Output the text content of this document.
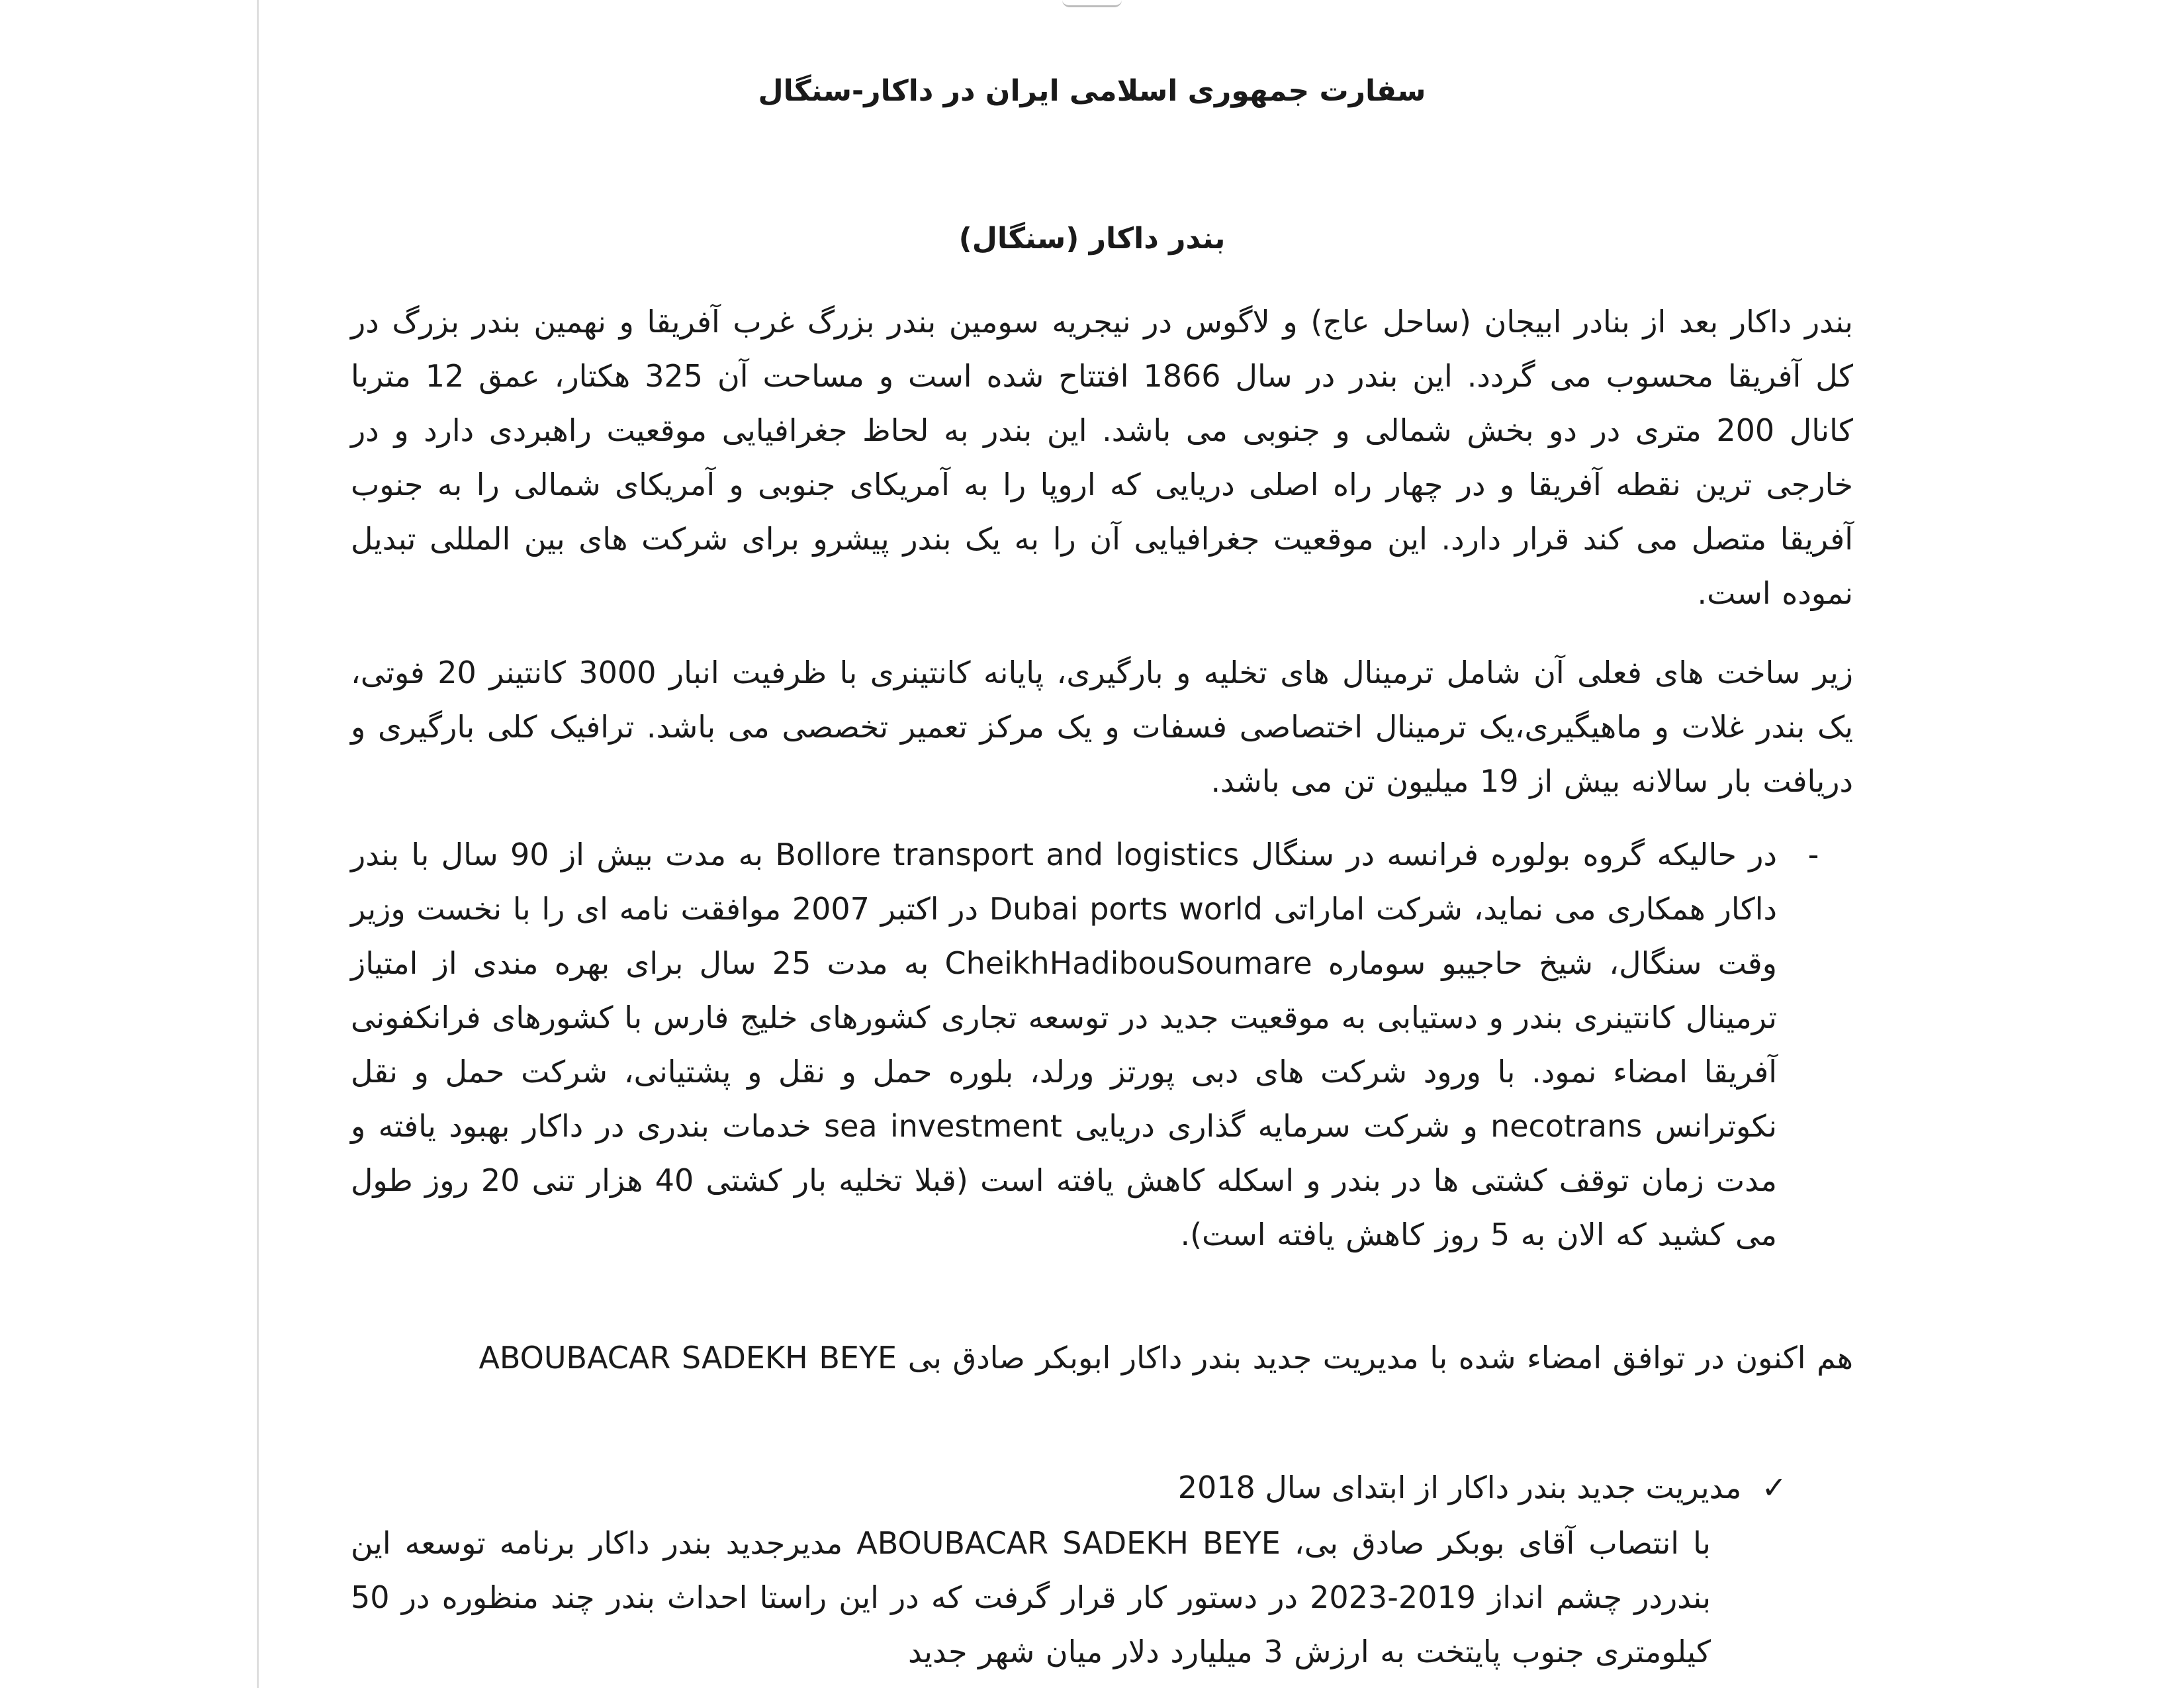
سفارت جمهوری اسلامی ایران در داکار-سنگال
بندر داکار (سنگال)
بندر داکار بعد از بنادر ابیجان (ساحل عاج) و لاگوس در نیجریه سومین بندر بزرگ غرب آفریقا و نهمین بندر بزرگ در کل آفریقا محسوب می گردد. این بندر در سال 1866 افتتاح شده است و مساحت آن 325 هکتار، عمق 12 متربا کانال 200 متری در دو بخش شمالی و جنوبی می باشد. این بندر به لحاظ جغرافیایی موقعیت راهبردی دارد و در خارجی ترین نقطه آفریقا و در چهار راه اصلی دریایی که اروپا را به آمریکای جنوبی و آمریکای شمالی را به جنوب آفریقا متصل می کند قرار دارد. این موقعیت جغرافیایی آن را به یک بندر پیشرو برای شرکت های بین المللی تبدیل نموده است.
زیر ساخت های فعلی آن شامل ترمینال های تخلیه و بارگیری، پایانه کانتینری با ظرفیت انبار 3000 کانتینر 20 فوتی، یک بندر غلات و ماهیگیری،یک ترمینال اختصاصی فسفات و یک مرکز تعمیر تخصصی می باشد. ترافیک کلی بارگیری و دریافت بار سالانه بیش از 19 میلیون تن می باشد.
-
در حالیکه گروه بولوره فرانسه در سنگال Bollore transport and logistics به مدت بیش از 90 سال با بندر داکار همکاری می نماید، شرکت اماراتی Dubai ports world در اکتبر 2007 موافقت نامه ای را با نخست وزیر وقت سنگال، شیخ حاجیبو سوماره CheikhHadibouSoumare به مدت 25 سال برای بهره مندی از امتیاز ترمینال کانتینری بندر و دستیابی به موقعیت جدید در توسعه تجاری کشورهای خلیج فارس با کشورهای فرانکفونی آفریقا امضاء نمود. با ورود شرکت های دبی پورتز ورلد، بلوره حمل و نقل و پشتیانی، شرکت حمل و نقل نکوترانس necotrans و شرکت سرمایه گذاری دریایی sea investment خدمات بندری در داکار بهبود یافته و مدت زمان توقف کشتی ها در بندر و اسکله کاهش یافته است (قبلا تخلیه بار کشتی 40 هزار تنی 20 روز طول می کشید که الان به 5 روز کاهش یافته است).
هم اکنون در توافق امضاء شده با مدیریت جدید بندر داکار ابوبکر صادق بی ABOUBACAR SADEKH BEYE
✓مدیریت جدید بندر داکار از ابتدای سال 2018
با انتصاب آقای بوبکر صادق بی، ABOUBACAR SADEKH BEYE مدیرجدید بندر داکار برنامه توسعه این بندردر چشم انداز 2019-2023 در دستور کار قرار گرفت که در این راستا احداث بندر چند منظوره در 50 کیلومتری جنوب پایتخت به ارزش 3 میلیارد دلار میان شهر جدید
